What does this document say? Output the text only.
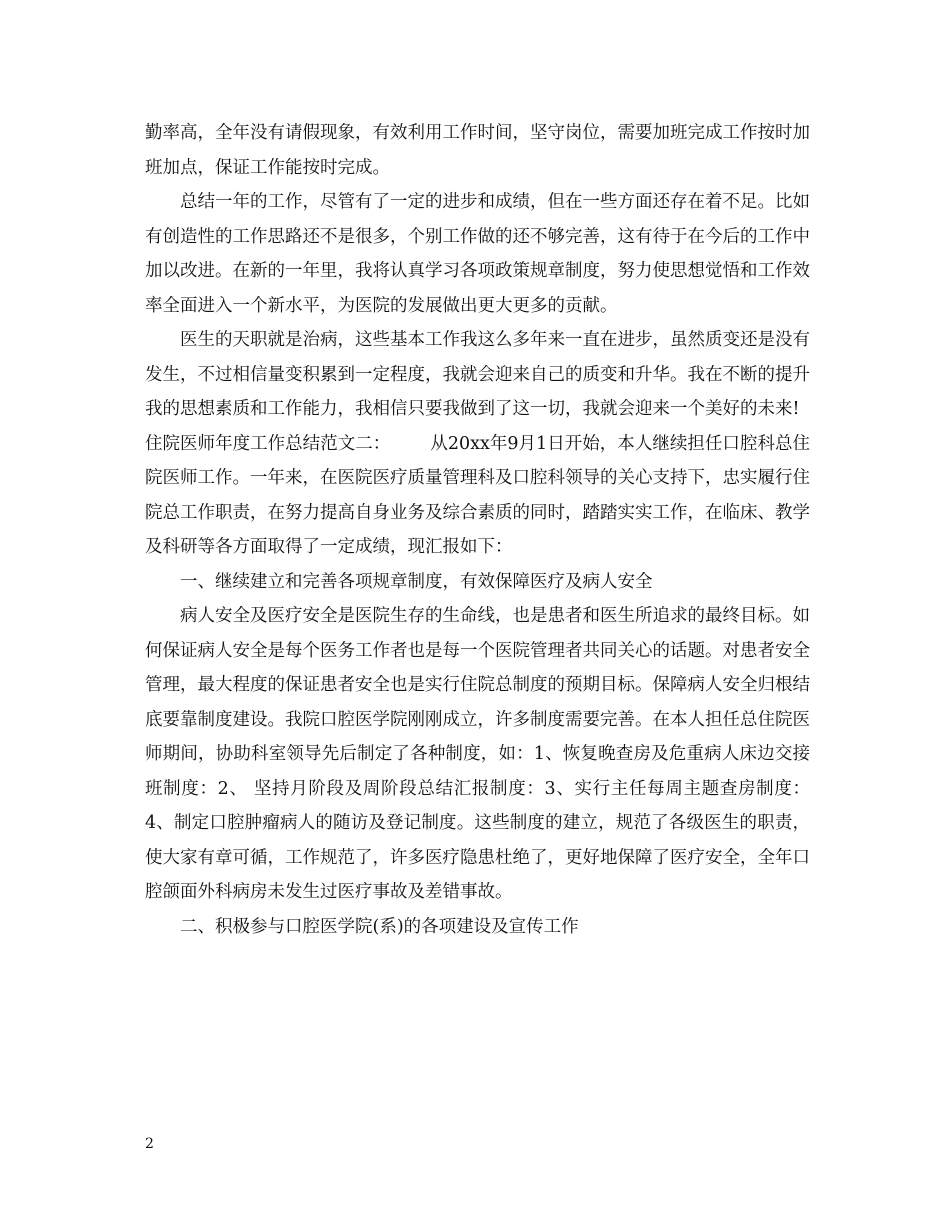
勤率高，全年没有请假现象，有效利用工作时间，坚守岗位，需要加班完成工作按时加班加点，保证工作能按时完成。

总结一年的工作，尽管有了一定的进步和成绩，但在一些方面还存在着不足。比如有创造性的工作思路还不是很多，个别工作做的还不够完善，这有待于在今后的工作中加以改进。在新的一年里，我将认真学习各项政策规章制度，努力使思想觉悟和工作效率全面进入一个新水平，为医院的发展做出更大更多的贡献。

医生的天职就是治病，这些基本工作我这么多年来一直在进步，虽然质变还是没有发生，不过相信量变积累到一定程度，我就会迎来自己的质变和升华。我在不断的提升我的思想素质和工作能力，我相信只要我做到了这一切，我就会迎来一个美好的未来!

住院医师年度工作总结范文二： 从20xx年9月1日开始，本人继续担任口腔科总住院医师工作。一年来，在医院医疗质量管理科及口腔科领导的关心支持下，忠实履行住院总工作职责，在努力提高自身业务及综合素质的同时，踏踏实实工作，在临床、教学及科研等各方面取得了一定成绩，现汇报如下：

一、继续建立和完善各项规章制度，有效保障医疗及病人安全

病人安全及医疗安全是医院生存的生命线，也是患者和医生所追求的最终目标。如何保证病人安全是每个医务工作者也是每一个医院管理者共同关心的话题。对患者安全管理，最大程度的保证患者安全也是实行住院总制度的预期目标。保障病人安全归根结底要靠制度建设。我院口腔医学院刚刚成立，许多制度需要完善。在本人担任总住院医师期间，协助科室领导先后制定了各种制度，如：1、恢复晚查房及危重病人床边交接班制度：2、 坚持月阶段及周阶段总结汇报制度：3、实行主任每周主题查房制度：4、制定口腔肿瘤病人的随访及登记制度。这些制度的建立，规范了各级医生的职责，使大家有章可循，工作规范了，许多医疗隐患杜绝了，更好地保障了医疗安全，全年口腔颌面外科病房未发生过医疗事故及差错事故。

二、积极参与口腔医学院(系)的各项建设及宣传工作

2
